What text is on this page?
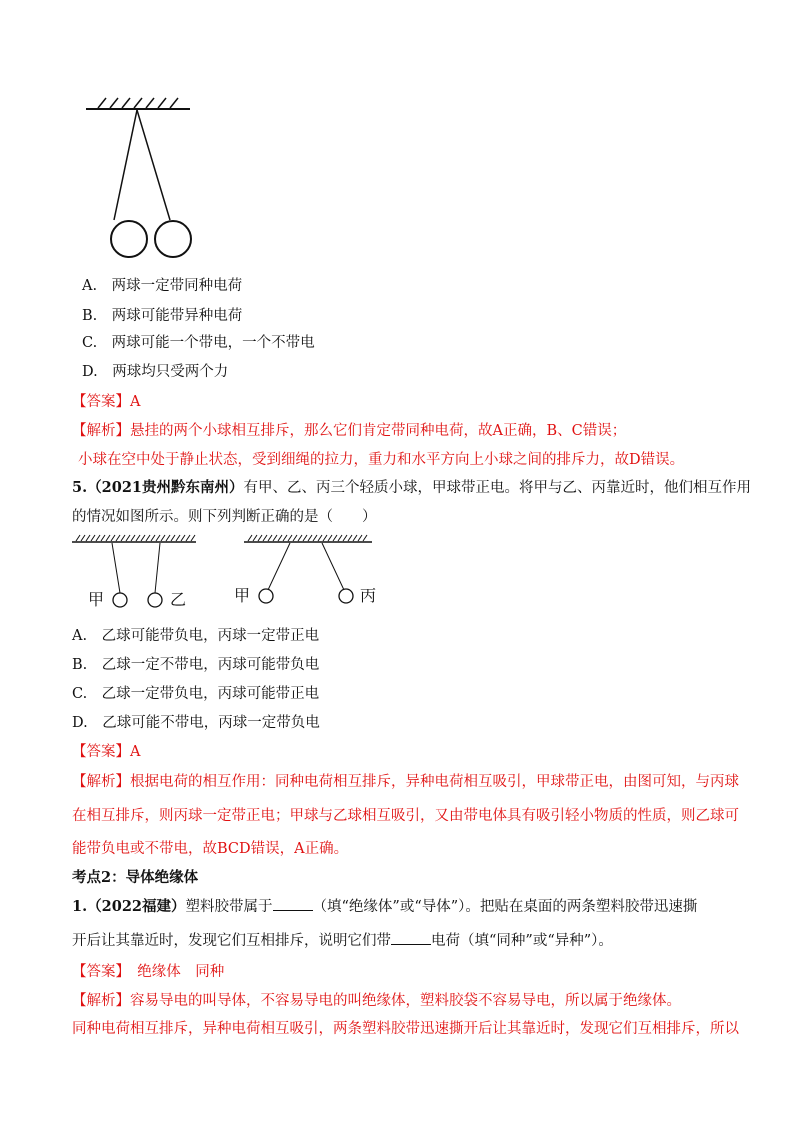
A.　两球一定带同种电荷
B.　两球可能带异种电荷
C.　两球可能一个带电，一个不带电
D.　两球均只受两个力
【答案】A
【解析】悬挂的两个小球相互排斥，那么它们肯定带同种电荷，故A正确，B、C错误；
小球在空中处于静止状态，受到细绳的拉力，重力和水平方向上小球之间的排斥力，故D错误。
5.（2021贵州黔东南州）有甲、乙、丙三个轻质小球，甲球带正电。将甲与乙、丙靠近时，他们相互作用
的情况如图所示。则下列判断正确的是（　　）
甲	乙	甲	丙
A.　乙球可能带负电，丙球一定带正电
B.　乙球一定不带电，丙球可能带负电
C.　乙球一定带负电，丙球可能带正电
D.　乙球可能不带电，丙球一定带负电
【答案】A
【解析】根据电荷的相互作用：同种电荷相互排斥，异种电荷相互吸引，甲球带正电，由图可知，与丙球
在相互排斥，则丙球一定带正电；甲球与乙球相互吸引，又由带电体具有吸引轻小物质的性质，则乙球可
能带负电或不带电，故BCD错误，A正确。
考点2：导体绝缘体
1.（2022福建）塑料胶带属于	（填“绝缘体”或“导体”）。把贴在桌面的两条塑料胶带迅速撕
开后让其靠近时，发现它们互相排斥，说明它们带	电荷（填“同种”或“异种”）。
【答案】　绝缘体　同种
【解析】容易导电的叫导体，不容易导电的叫绝缘体，塑料胶袋不容易导电，所以属于绝缘体。
同种电荷相互排斥，异种电荷相互吸引，两条塑料胶带迅速撕开后让其靠近时，发现它们互相排斥，所以
